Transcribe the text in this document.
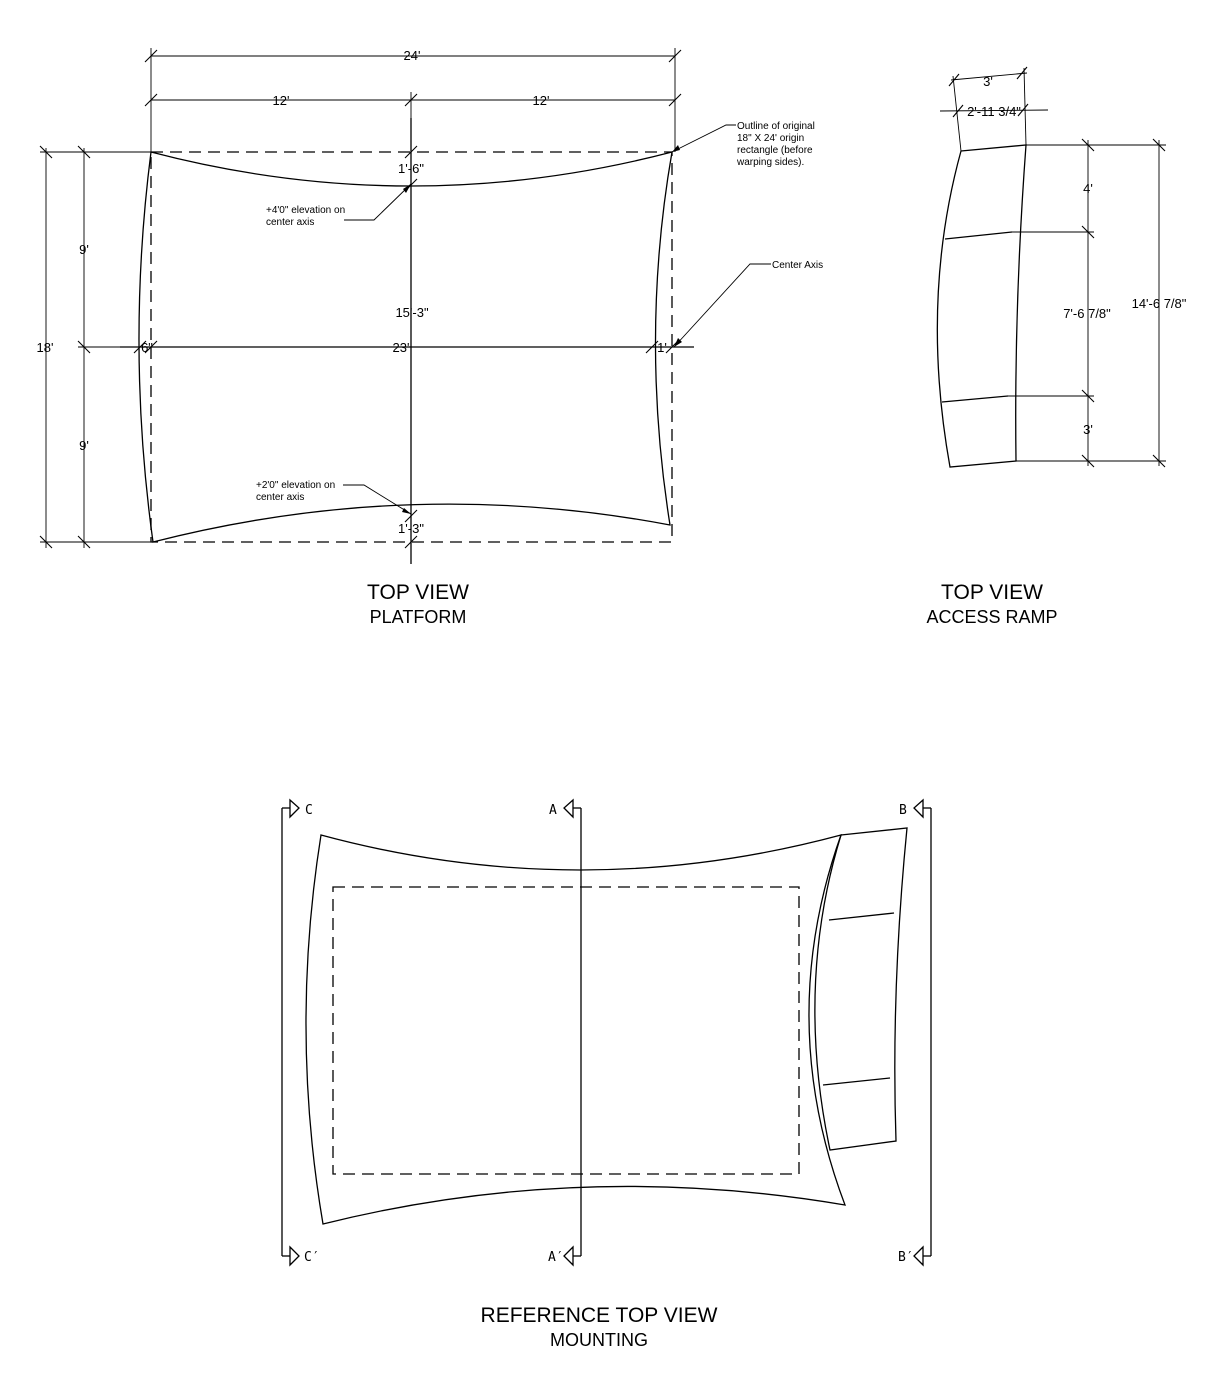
24'
12'	12'
18'
9'
9'
1'-6"
1'-3"
15'-3"
23'
6"	1'
+4'0" elevation on
center axis
+2'0" elevation on
center axis
Outline of original
18" X 24' origin
rectangle (before
warping sides).
Center Axis
TOP VIEW
PLATFORM
3'
2'-11 3/4"
4'
7'-6 7/8"
3'
14'-6 7/8"
TOP VIEW
ACCESS RAMP
C
C′
A
A′
B
B′
REFERENCE TOP VIEW
MOUNTING
